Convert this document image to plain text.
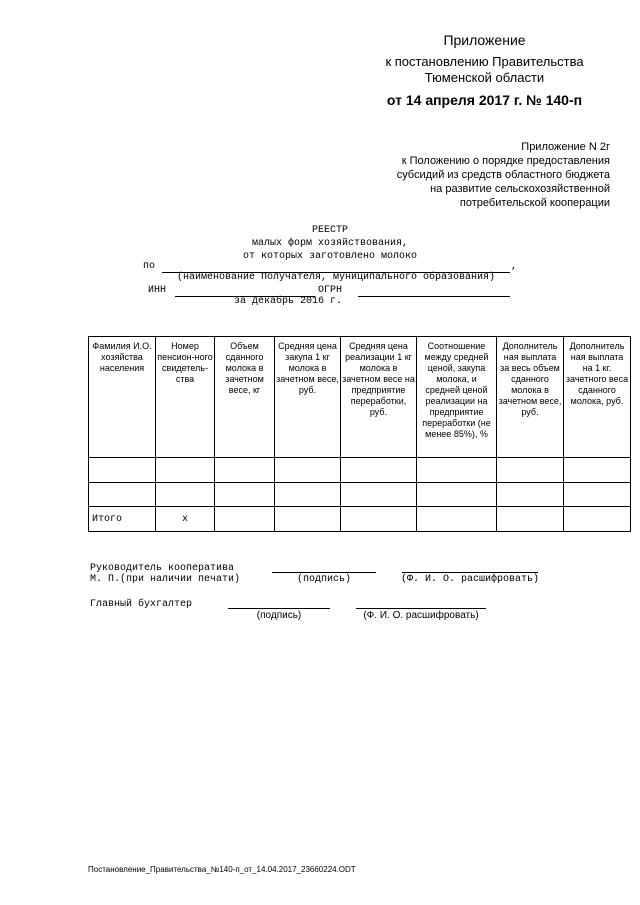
Приложение
к постановлению Правительства Тюменской области
от 14 апреля 2017 г. № 140-п
Приложение N 2г
к Положению о порядке предоставления
субсидий из средств областного бюджета
на развитие сельскохозяйственной
потребительской кооперации
РЕЕСТР
малых форм хозяйствования,
от которых заготовлено молоко
по	,
(наименование Получателя, муниципального образования)
ИНН	ОГРН
за декабрь 2016 г.
Фамилия И.О. хозяйства населения	Номер пенсион-ного свидетель-ства	Объем сданного молока в зачетном весе, кг	Средняя цена закупа 1 кг молока в зачетном весе, руб.	Средняя цена реализации 1 кг молока в зачетном весе на предприятие переработки, руб.	Соотношение между средней ценой, закупа молока, и средней ценой реализации на предприятие переработки (не менее 85%), %	Дополнитель ная выплата за весь объем сданного молока в зачетном весе, руб.	Дополнитель ная выплата на 1 кг. зачетного веса сданного молока, руб.

Итого	х						
Руководитель кооператива
М. П.(при наличии печати)	(подпись)	(Ф. И. О. расшифровать)
Главный бухгалтер
(подпись)	(Ф. И. О. расшифровать)
Постановление_Правительства_№140-п_от_14.04.2017_23660224.ODT
